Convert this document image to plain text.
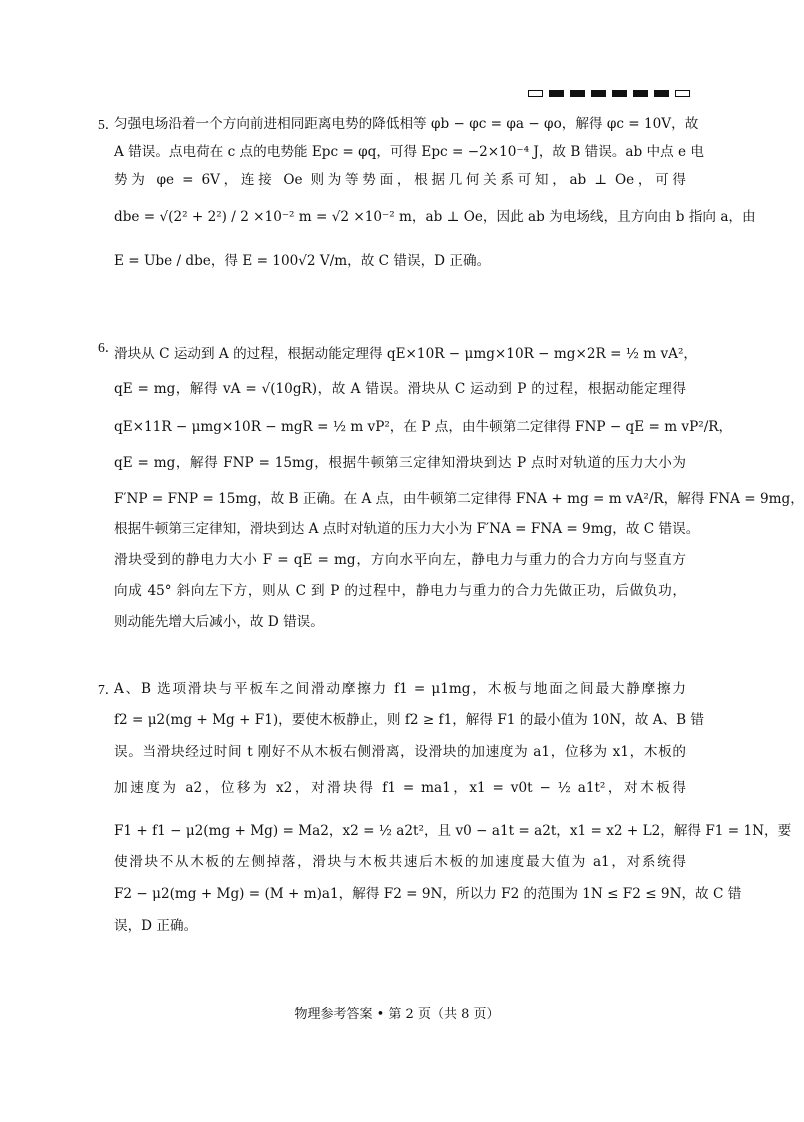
5．
匀强电场沿着一个方向前进相同距离电势的降低相等 φb − φc = φa − φo，解得 φc = 10V，故
A 错误。点电荷在 c 点的电势能 Epc = φq，可得 Epc = −2×10⁻⁴ J，故 B 错误。ab 中点 e 电
势为 φe = 6V，连接 Oe 则为等势面，根据几何关系可知，ab ⊥ Oe，可得
dbe = √(2² + 2²) / 2 ×10⁻² m = √2 ×10⁻² m，ab ⊥ Oe，因此 ab 为电场线，且方向由 b 指向 a，由
E = Ube / dbe，得 E = 100√2 V/m，故 C 错误，D 正确。
6．
滑块从 C 运动到 A 的过程，根据动能定理得 qE×10R − μmg×10R − mg×2R = ½ m vA²，
qE = mg，解得 vA = √(10gR)，故 A 错误。滑块从 C 运动到 P 的过程，根据动能定理得
qE×11R − μmg×10R − mgR = ½ m vP²，在 P 点，由牛顿第二定律得 FNP − qE = m vP²/R，
qE = mg，解得 FNP = 15mg，根据牛顿第三定律知滑块到达 P 点时对轨道的压力大小为
F′NP = FNP = 15mg，故 B 正确。在 A 点，由牛顿第二定律得 FNA + mg = m vA²/R，解得 FNA = 9mg，
根据牛顿第三定律知，滑块到达 A 点时对轨道的压力大小为 F′NA = FNA = 9mg，故 C 错误。
滑块受到的静电力大小 F = qE = mg，方向水平向左，静电力与重力的合力方向与竖直方
向成 45° 斜向左下方，则从 C 到 P 的过程中，静电力与重力的合力先做正功，后做负功，
则动能先增大后减小，故 D 错误。
7．
A、B 选项滑块与平板车之间滑动摩擦力 f1 = μ1mg，木板与地面之间最大静摩擦力
f2 = μ2(mg + Mg + F1)，要使木板静止，则 f2 ≥ f1，解得 F1 的最小值为 10N，故 A、B 错
误。当滑块经过时间 t 刚好不从木板右侧滑离，设滑块的加速度为 a1，位移为 x1，木板的
加速度为 a2，位移为 x2，对滑块得 f1 = ma1，x1 = v0t − ½ a1t²，对木板得
F1 + f1 − μ2(mg + Mg) = Ma2，x2 = ½ a2t²，且 v0 − a1t = a2t，x1 = x2 + L2，解得 F1 = 1N，要
使滑块不从木板的左侧掉落，滑块与木板共速后木板的加速度最大值为 a1，对系统得
F2 − μ2(mg + Mg) = (M + m)a1，解得 F2 = 9N，所以力 F2 的范围为 1N ≤ F2 ≤ 9N，故 C 错
误，D 正确。
物理参考答案 • 第 2 页（共 8 页）
